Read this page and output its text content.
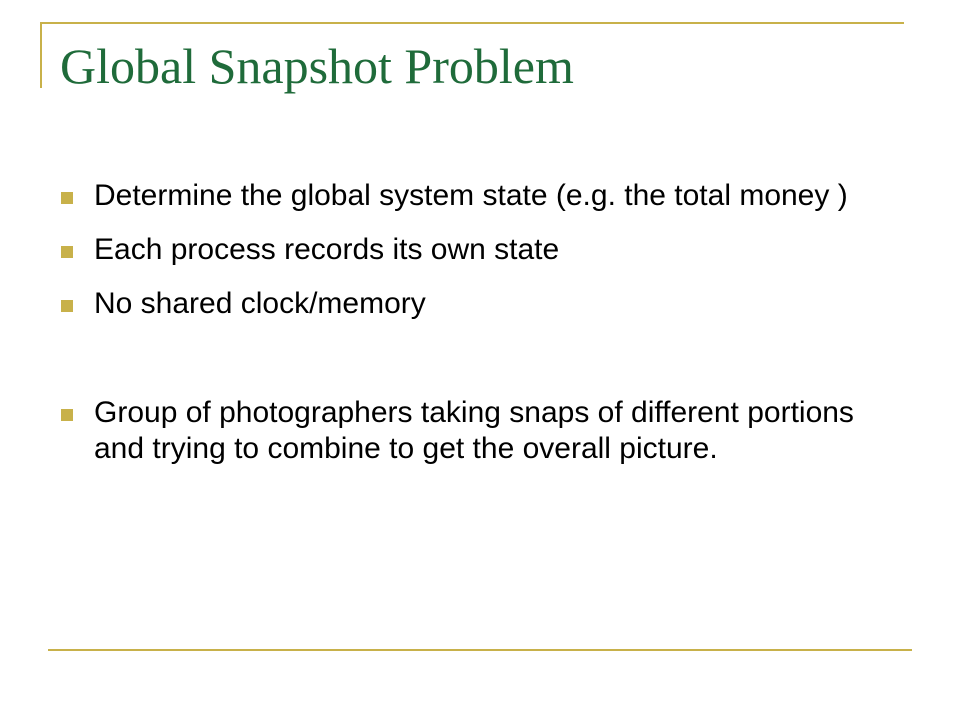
Global Snapshot Problem
Determine the global system state (e.g. the total money )
Each process records its own state
No shared clock/memory
Group of photographers taking snaps of different portions and trying to combine to get the overall picture.
